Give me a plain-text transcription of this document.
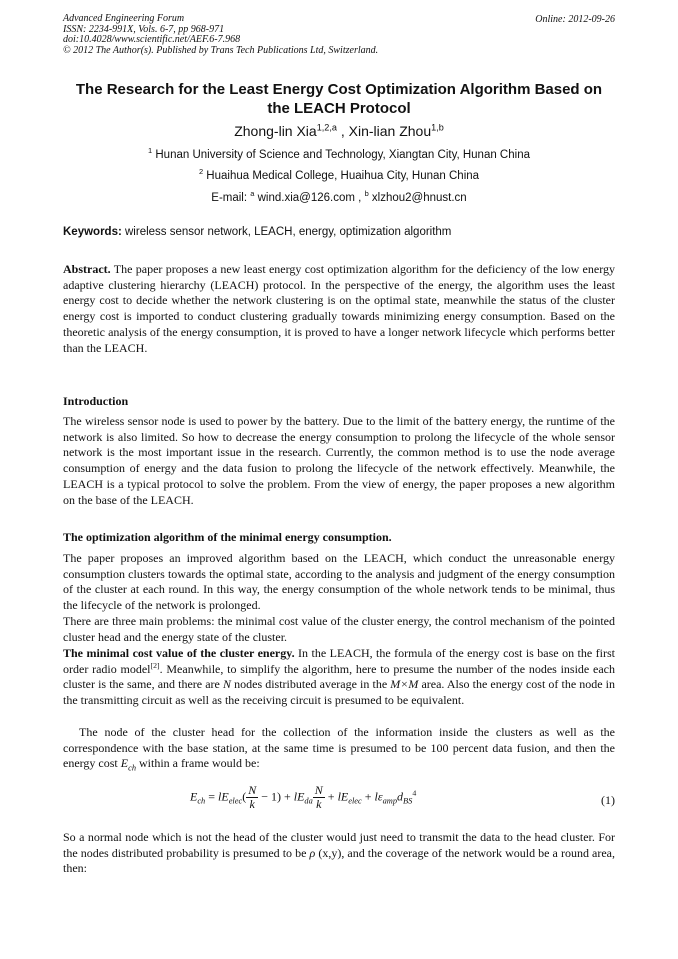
Advanced Engineering Forum
ISSN: 2234-991X, Vols. 6-7, pp 968-971
doi:10.4028/www.scientific.net/AEF.6-7.968
© 2012 The Author(s). Published by Trans Tech Publications Ltd, Switzerland.
Online: 2012-09-26
The Research for the Least Energy Cost Optimization Algorithm Based on the LEACH Protocol
Zhong-lin Xia$^{1,2,a}$ , Xin-lian Zhou$^{1,b}$
$^1$ Hunan University of Science and Technology, Xiangtan City, Hunan China
$^2$ Huaihua Medical College, Huaihua City, Hunan China
E-mail: $^a$ wind.xia@126.com , $^b$ xlzhou2@hnust.cn
Keywords: wireless sensor network, LEACH, energy, optimization algorithm
Abstract. The paper proposes a new least energy cost optimization algorithm for the deficiency of the low energy adaptive clustering hierarchy (LEACH) protocol. In the perspective of the energy, the algorithm uses the least energy cost to decide whether the network clustering is on the optimal state, meanwhile the status of the cluster energy cost is imported to conduct clustering gradually towards minimizing energy consumption. Based on the theoretic analysis of the energy consumption, it is proved to have a longer network lifecycle which performs better than the LEACH.
Introduction
The wireless sensor node is used to power by the battery. Due to the limit of the battery energy, the runtime of the network is also limited. So how to decrease the energy consumption to prolong the lifecycle of the whole sensor network is the most important issue in the research. Currently, the common method is to use the node average consumption of energy and the data fusion to prolong the lifecycle of the network effectively. Meanwhile, the LEACH is a typical protocol to solve the problem. From the view of energy, the paper proposes a new algorithm on the base of the LEACH.
The optimization algorithm of the minimal energy consumption.
The paper proposes an improved algorithm based on the LEACH, which conduct the unreasonable energy consumption clusters towards the optimal state, according to the analysis and judgment of the energy consumption of the cluster at each round. In this way, the energy consumption of the whole network tends to be minimal, thus the lifecycle of the network is prolonged.
There are three main problems: the minimal cost value of the cluster energy, the control mechanism of the pointed cluster head and the energy state of the cluster.
The minimal cost value of the cluster energy. In the LEACH, the formula of the energy cost is base on the first order radio model[2]. Meanwhile, to simplify the algorithm, here to presume the number of the nodes inside each cluster is the same, and there are N nodes distributed average in the M×M area. Also the energy cost of the node in the transmitting circuit as well as the receiving circuit is presumed to be equivalent.
The node of the cluster head for the collection of the information inside the clusters as well as the correspondence with the base station, at the same time is presumed to be 100 percent data fusion, and then the energy cost $E_{ch}$ within a frame would be:
$E_{ch} = lE_{elec}( \frac{N}{k} - 1) + lE_{da} \frac{N}{k} + lE_{elec} + l\varepsilon_{amp}d_{BS}^4$
(1)
So a normal node which is not the head of the cluster would just need to transmit the data to the head cluster. For the nodes distributed probability is presumed to be ρ (x,y), and the coverage of the network would be a round area, then:
